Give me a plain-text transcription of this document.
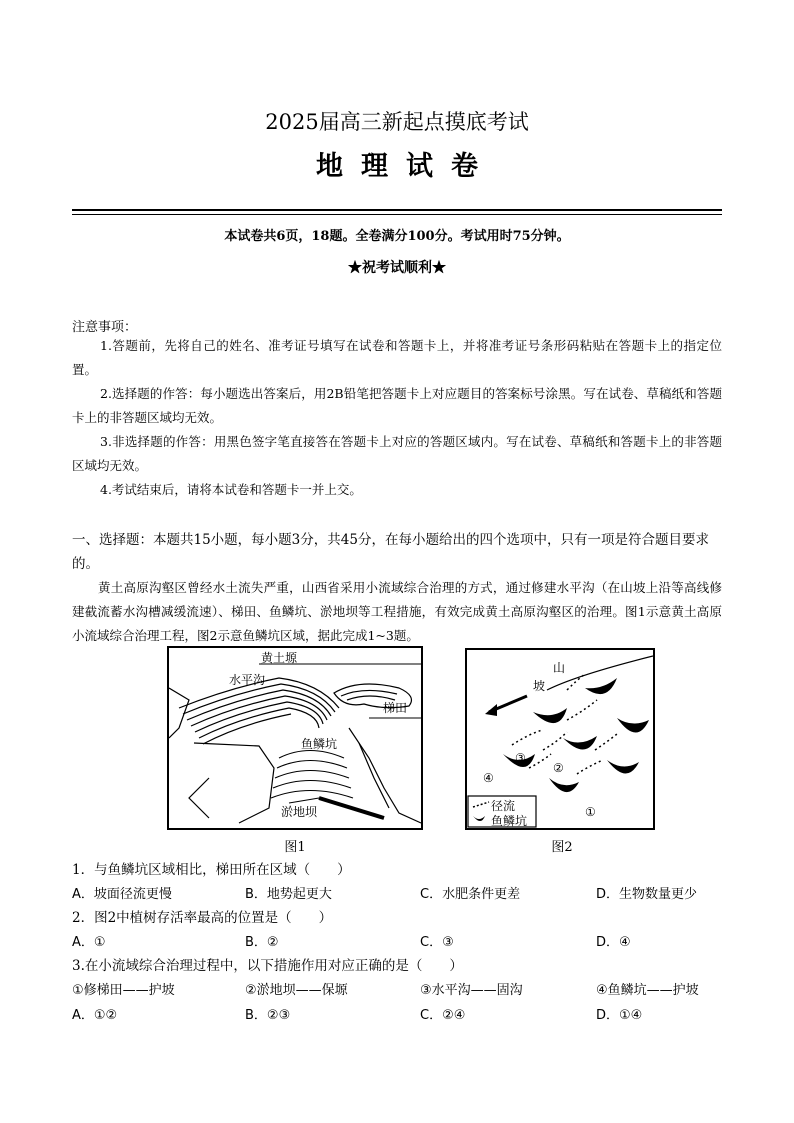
2025届高三新起点摸底考试
地理试卷
本试卷共6页，18题。全卷满分100分。考试用时75分钟。
★祝考试顺利★
注意事项：
1.答题前，先将自己的姓名、准考证号填写在试卷和答题卡上，并将准考证号条形码粘贴在答题卡上的指定位置。
2.选择题的作答：每小题选出答案后，用2B铅笔把答题卡上对应题目的答案标号涂黑。写在试卷、草稿纸和答题卡上的非答题区域均无效。
3.非选择题的作答：用黑色签字笔直接答在答题卡上对应的答题区域内。写在试卷、草稿纸和答题卡上的非答题区域均无效。
4.考试结束后，请将本试卷和答题卡一并上交。
一、选择题：本题共15小题，每小题3分，共45分，在每小题给出的四个选项中，只有一项是符合题目要求的。
黄土高原沟壑区曾经水土流失严重，山西省采用小流域综合治理的方式，通过修建水平沟（在山坡上沿等高线修建截流蓄水沟槽减缓流速）、梯田、鱼鳞坑、淤地坝等工程措施，有效完成黄土高原沟壑区的治理。图1示意黄土高原小流域综合治理工程，图2示意鱼鳞坑区域，据此完成1~3题。
黄土塬
水平沟
梯田
鱼鳞坑
淤地坝
图1
山
坡
③
②
④
①
径流
鱼鳞坑
图2
1．与鱼鳞坑区域相比，梯田所在区域（　　）
A．坡面径流更慢	B．地势起更大	C．水肥条件更差	D．生物数量更少
2．图2中植树存活率最高的位置是（　　）
A．①	B．②	C．③	D．④
3.在小流域综合治理过程中，以下措施作用对应正确的是（　　）
①修梯田——护坡	②淤地坝——保塬	③水平沟——固沟	④鱼鳞坑——护坡
A．①②	B．②③	C．②④	D．①④
